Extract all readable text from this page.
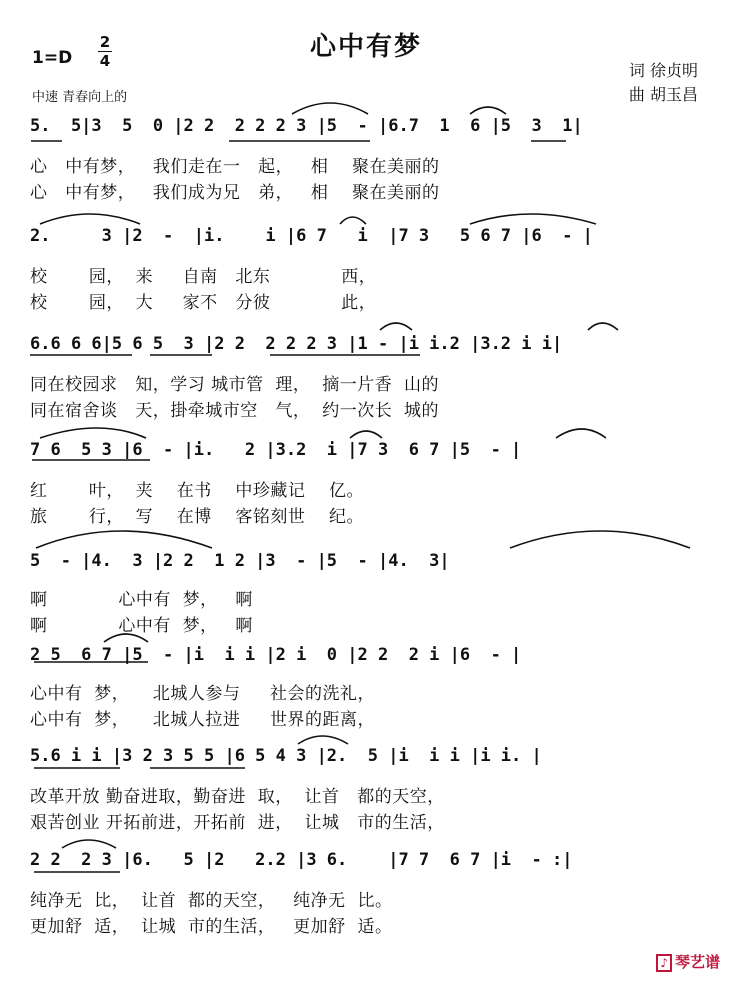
心中有梦
1=D
2
4	词 徐贞明
曲 胡玉昌
中速 青春向上的
5.  5|3  5  0 |2 2  2 2 2 3 |5  - |6.7  1  6 |5  3  1|
心   中有梦，   我们走在一   起，   相    聚在美丽的
心   中有梦，   我们成为兄   弟，   相    聚在美丽的
2.     3 |2  -  |i.    i |6 7   i  |7 3   5 6 7 |6  - |
校       园，  来     自南   北东            西，
校       园，  大     家不   分彼            此，
6.6 6 6|5 6 5  3 |2 2  2 2 2 3 |1 - |i i.2 |3.2 i i|
同在校园求   知，学习 城市管  理，  摘一片香  山的
同在宿舍谈   天，掛牵城市空   气，  约一次长  城的
7 6  5 3 |6  - |i.   2 |3.2  i |7 3  6 7 |5  - |
红       叶，  夹    在书    中珍藏记    亿。
旅       行，  写    在博    客铭刻世    纪。
5  - |4.  3 |2 2  1 2 |3  - |5  - |4.  3|
啊            心中有  梦，   啊
啊            心中有  梦，   啊
2 5  6 7 |5  - |i  i i |2 i  0 |2 2  2 i |6  - |
心中有  梦，    北城人参与     社会的洗礼，
心中有  梦，    北城人拉进     世界的距离，
5.6 i i |3 2 3 5 5 |6 5 4 3 |2.  5 |i  i i |i i. |
改革开放 勤奋进取，勤奋进  取，  让首   都的天空，
艰苦创业 开拓前进，开拓前  进，  让城   市的生活，
2 2  2 3 |6.   5 |2   2.2 |3 6.    |7 7  6 7 |i  - :|
纯净无  比，  让首  都的天空，   纯净无  比。
更加舒  适，  让城  市的生活，   更加舒  适。
♪ 琴艺谱
